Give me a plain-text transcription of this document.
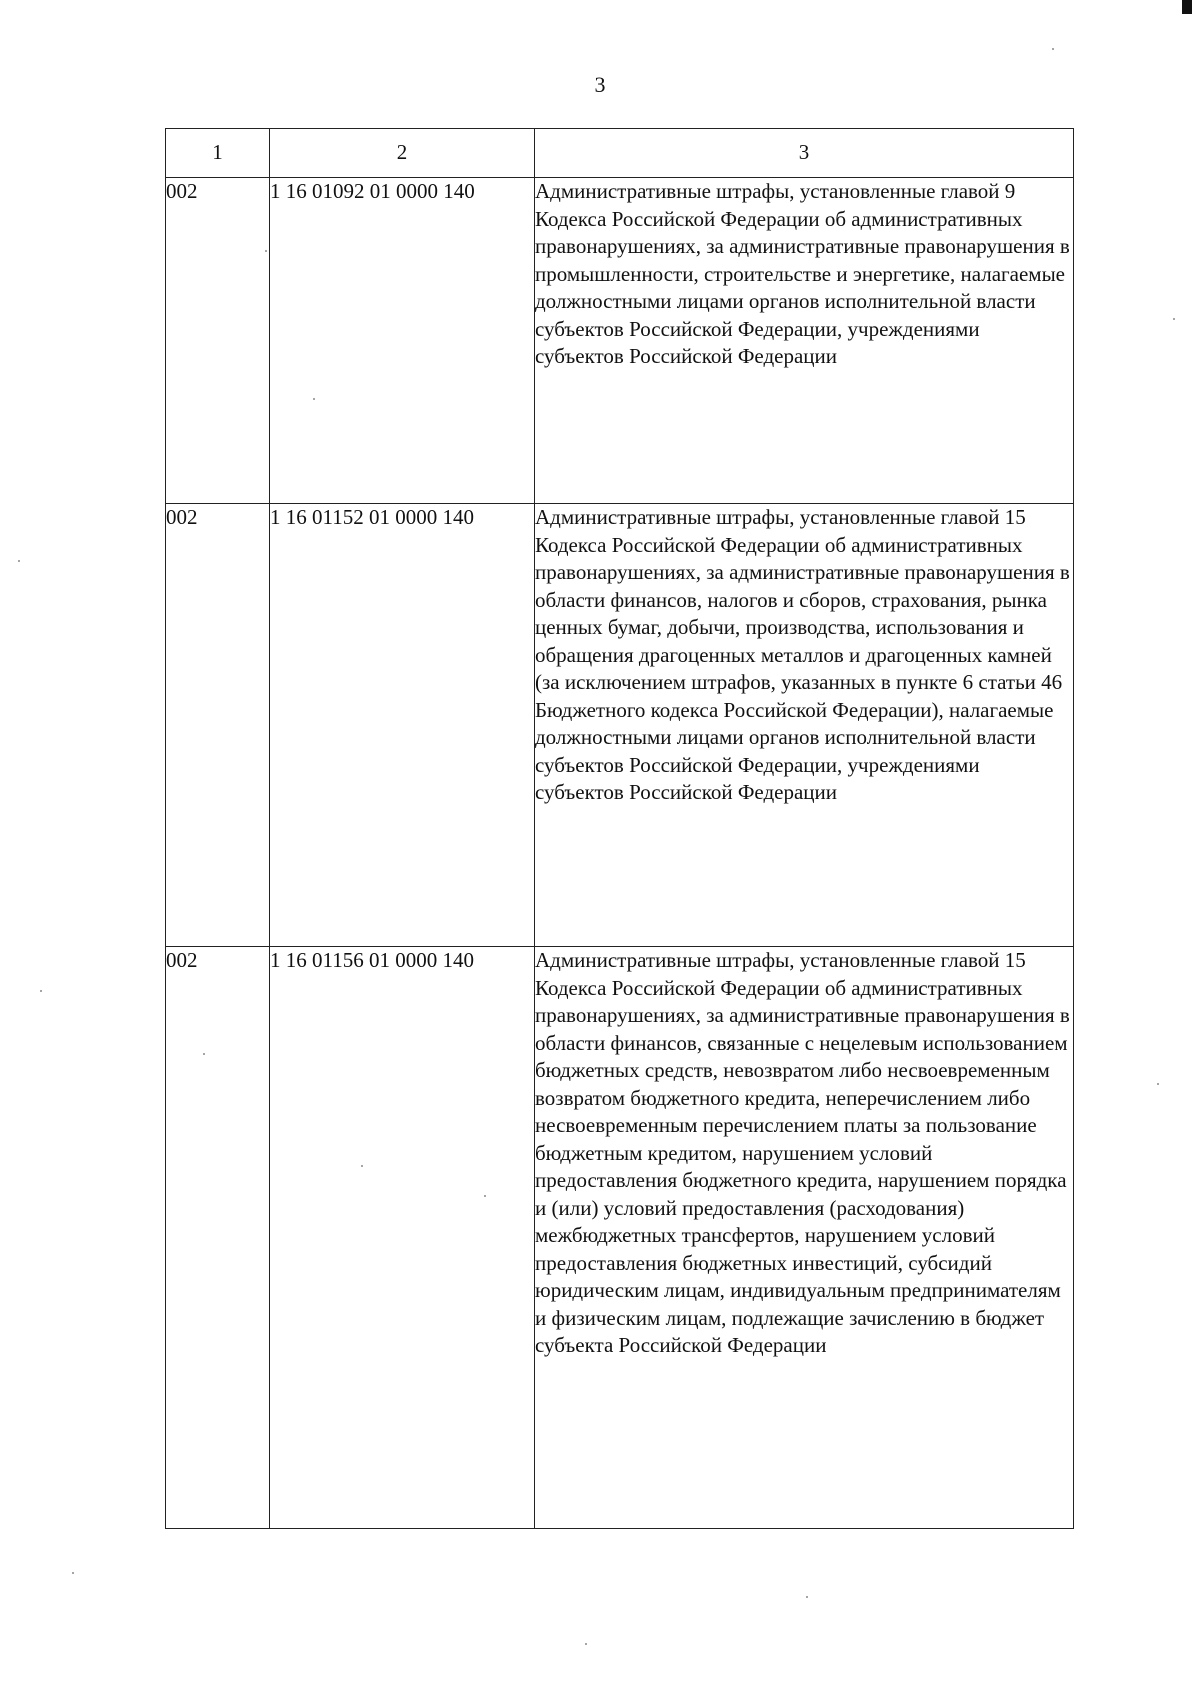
3
1	2	3
002	1 16 01092 01 0000 140	Административные штрафы, установленные главой 9 Кодекса Российской Федерации об административных правонарушениях, за административные правонарушения в промышленности, строительстве и энергетике, налагаемые должностными лицами органов исполнительной власти субъектов Российской Федерации, учреждениями субъектов Российской Федерации
002	1 16 01152 01 0000 140	Административные штрафы, установленные главой 15 Кодекса Российской Федерации об административных правонарушениях, за административные правонарушения в области финансов, налогов и сборов, страхования, рынка ценных бумаг, добычи, производства, использования и обращения драгоценных металлов и драгоценных камней (за исключением штрафов, указанных в пункте 6 статьи 46 Бюджетного кодекса Российской Федерации), налагаемые должностными лицами органов исполнительной власти субъектов Российской Федерации, учреждениями субъектов Российской Федерации
002	1 16 01156 01 0000 140	Административные штрафы, установленные главой 15 Кодекса Российской Федерации об административных правонарушениях, за административные правонарушения в области финансов, связанные с нецелевым использованием бюджетных средств, невозвратом либо несвоевременным возвратом бюджетного кредита, неперечислением либо несвоевременным перечислением платы за пользование бюджетным кредитом, нарушением условий предоставления бюджетного кредита, нарушением порядка и (или) условий предоставления (расходования) межбюджетных трансфертов, нарушением условий предоставления бюджетных инвестиций, субсидий юридическим лицам, индивидуальным предпринимателям и физическим лицам, подлежащие зачислению в бюджет субъекта Российской Федерации
